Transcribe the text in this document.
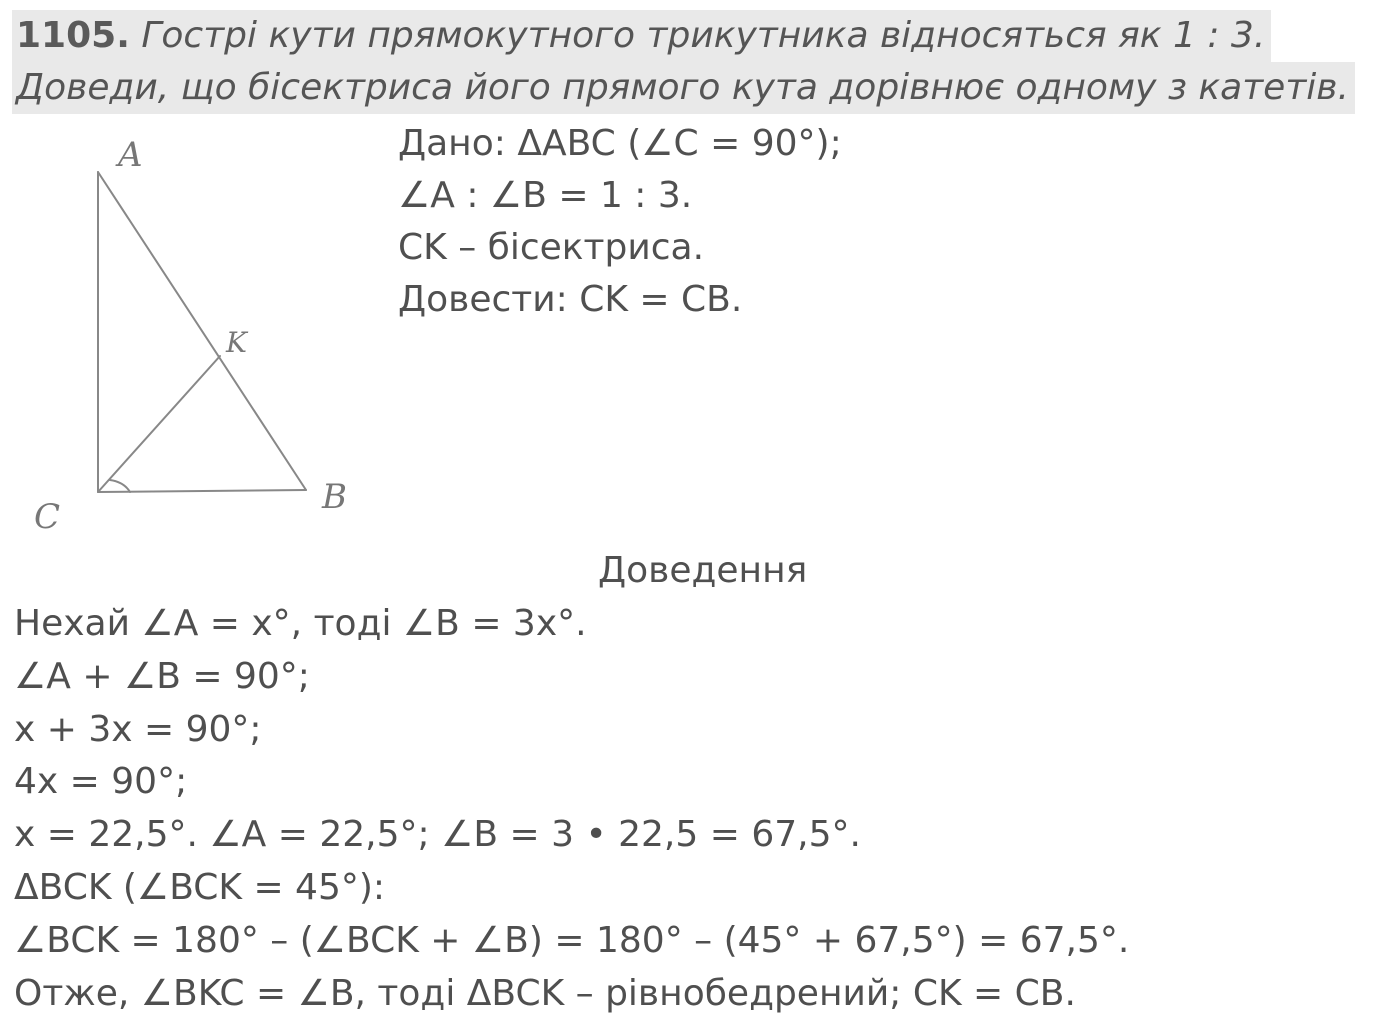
1105. Гострі кути прямокутного трикутника відносяться як 1 : 3.
Доведи, що бісектриса його прямого кута дорівнює одному з катетів.
A
B
C
K
Дано: ΔABC (∠C = 90°);
∠A : ∠B = 1 : 3.
CK – бісектриса.
Довести: CK = CB.
Доведення
Нехай ∠A = x°, тоді ∠B = 3x°.
∠A + ∠B = 90°;
x + 3x = 90°;
4x = 90°;
x = 22,5°. ∠A = 22,5°; ∠B = 3 • 22,5 = 67,5°.
ΔBCK (∠BCK = 45°):
∠BCK = 180° – (∠BCK + ∠B) = 180° – (45° + 67,5°) = 67,5°.
Отже, ∠BKC = ∠B, тоді ΔBCK – рівнобедрений; CK = CB.
